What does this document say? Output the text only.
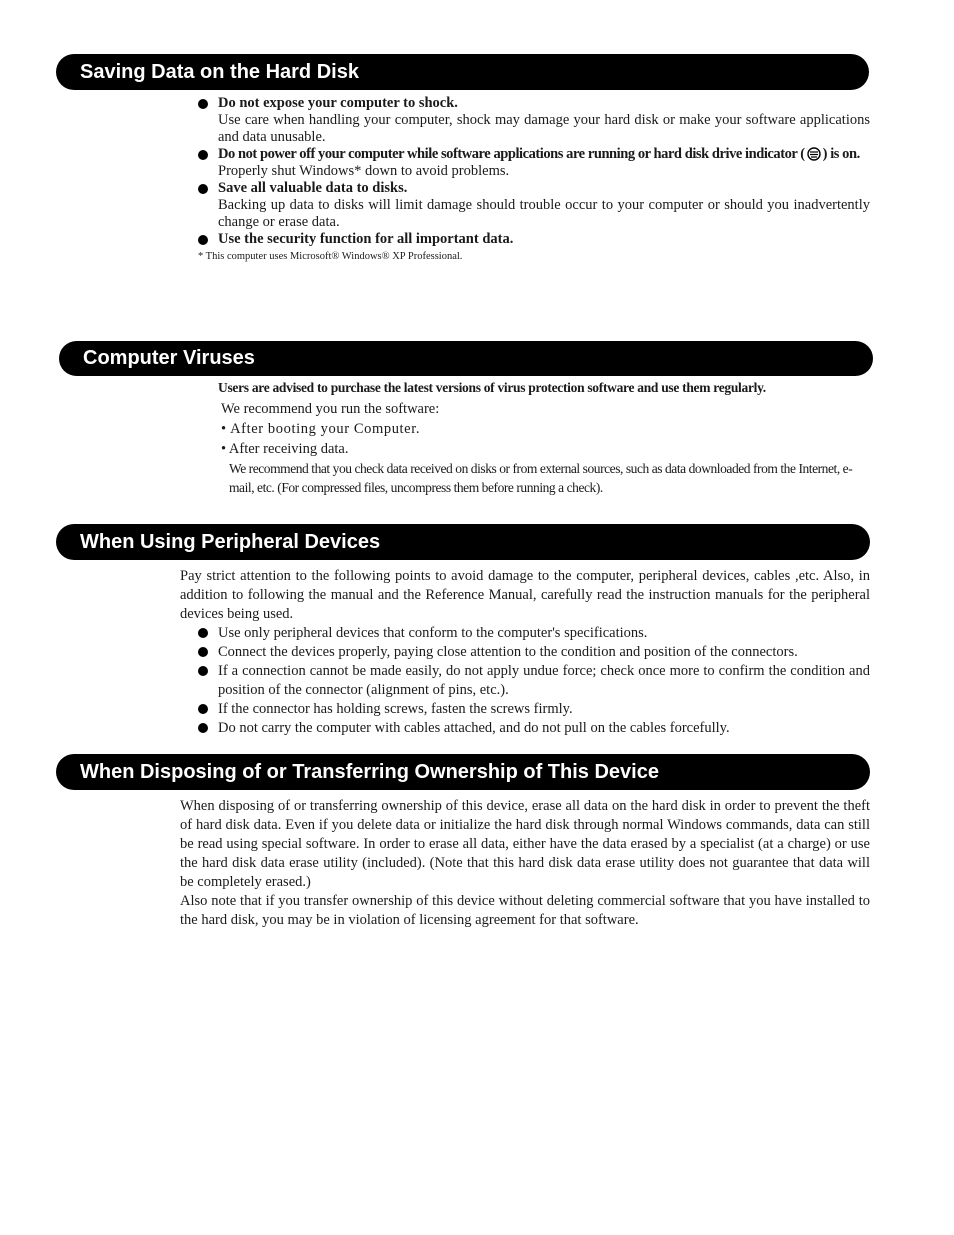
Saving Data on the Hard Disk

Do not expose your computer to shock.

Use care when handling your computer, shock may damage your hard disk or make your software applications and data unusable.

Do not power off your computer while software applications are running or hard disk drive indicator ( ) is on.

Properly shut Windows* down to avoid problems.

Save all valuable data to disks.

Backing up data to disks will limit damage should trouble occur to your computer or should you inadvertently change or erase data.

Use the security function for all important data.

* This computer uses Microsoft® Windows® XP Professional.

Computer Viruses

Users are advised to purchase the latest versions of virus protection software and use them regularly.

We recommend you run the software:

• After booting your Computer.

• After receiving data.

We recommend that you check data received on disks or from external sources, such as data downloaded from the Internet, e-mail, etc. (For compressed files, uncompress them before running a check).

When Using Peripheral Devices

Pay strict attention to the following points to avoid damage to the computer, peripheral devices, cables ,etc. Also, in addition to following the manual and the Reference Manual, carefully read the instruction manuals for the peripheral devices being used.

Use only peripheral devices that conform to the computer's specifications.

Connect the devices properly, paying close attention to the condition and position of the connectors.

If a connection cannot be made easily, do not apply undue force; check once more to confirm the condition and position of the connector (alignment of pins, etc.).

If the connector has holding screws, fasten the screws firmly.

Do not carry the computer with cables attached, and do not pull on the cables forcefully.

When Disposing of or Transferring Ownership of This Device

When disposing of or transferring ownership of this device, erase all data on the hard disk in order to prevent the theft of hard disk data. Even if you delete data or initialize the hard disk through normal Windows commands, data can still be read using special software. In order to erase all data, either have the data erased by a specialist (at a charge) or use the hard disk data erase utility (included). (Note that this hard disk data erase utility does not guarantee that data will be completely erased.)

Also note that if you transfer ownership of this device without deleting commercial software that you have installed to the hard disk, you may be in violation of licensing agreement for that software.
